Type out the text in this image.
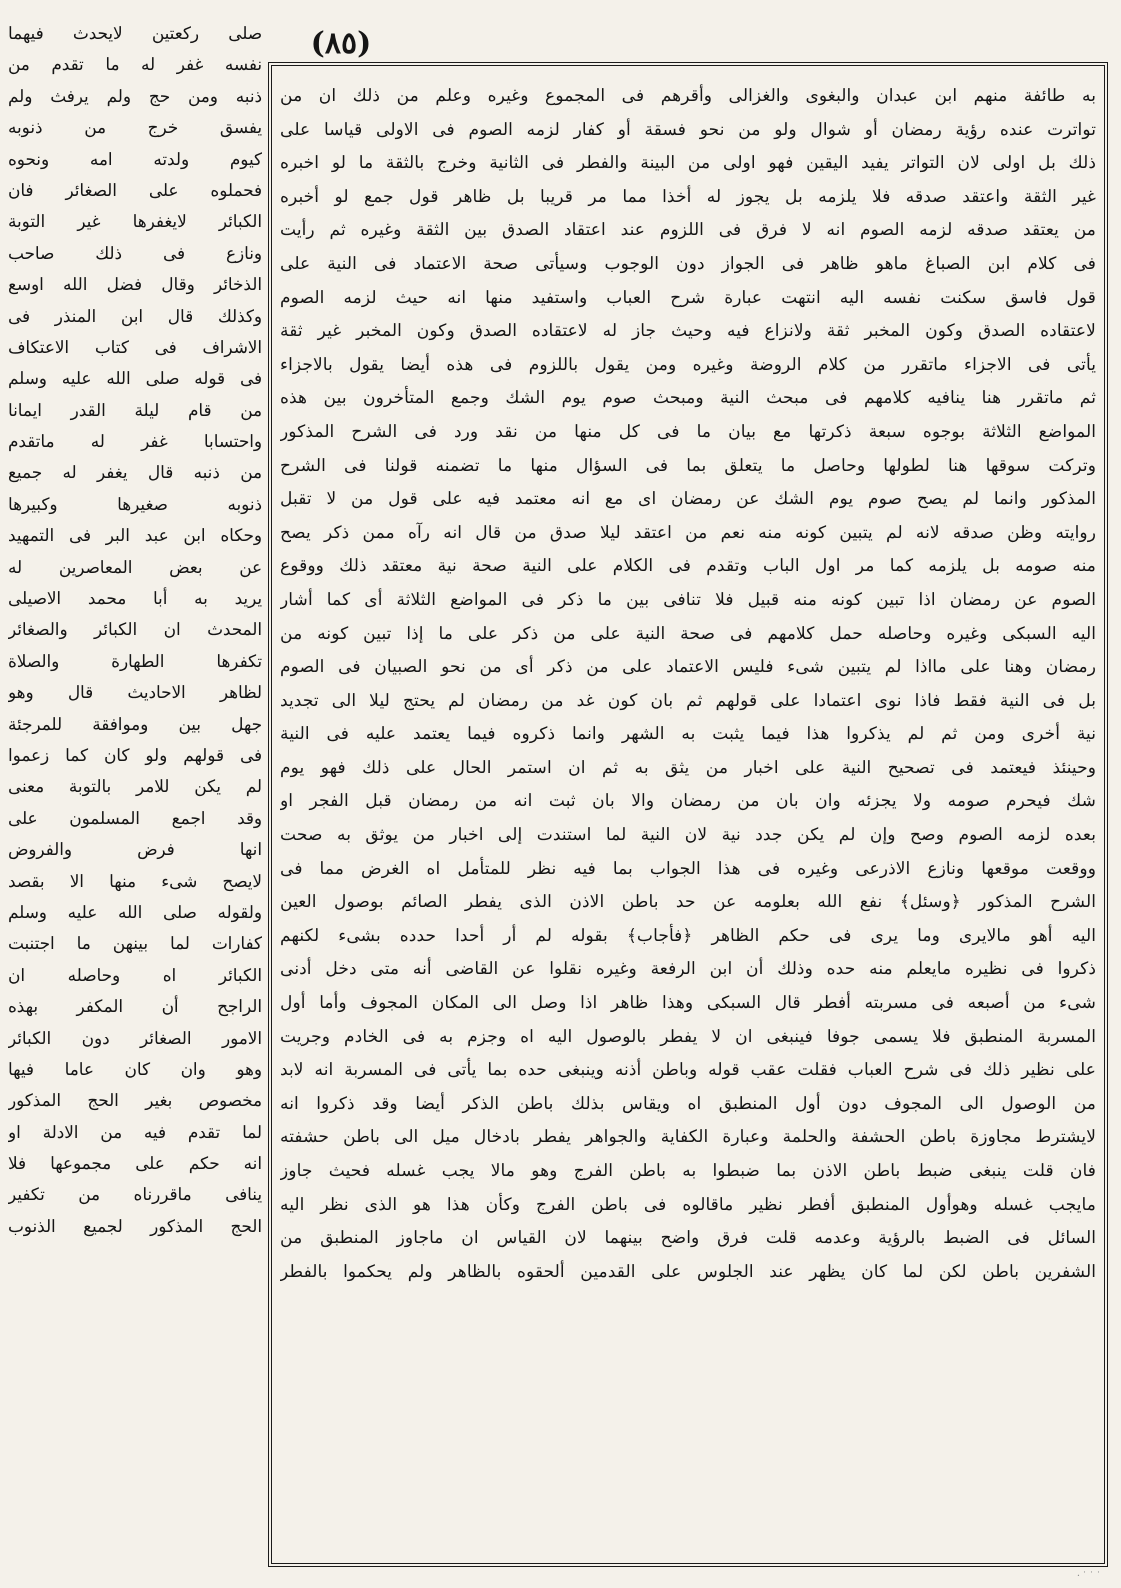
(٨٥)
صلى ركعتين لايحدث فيهما
نفسه غفر له ما تقدم من
ذنبه ومن حج ولم يرفث ولم
يفسق خرج من ذنوبه
كيوم ولدته امه ونحوه
فحملوه على الصغائر فان
الكبائر لايغفرها غير التوبة
ونازع فى ذلك صاحب
الذخائر وقال فضل الله اوسع
وكذلك قال ابن المنذر فى
الاشراف فى كتاب الاعتكاف
فى قوله صلى الله عليه وسلم
من قام ليلة القدر ايمانا
واحتسابا غفر له ماتقدم
من ذنبه قال يغفر له جميع
ذنوبه صغيرها وكبيرها
وحكاه ابن عبد البر فى التمهيد
عن بعض المعاصرين له
يريد به أبا محمد الاصيلى
المحدث ان الكبائر والصغائر
تكفرها الطهارة والصلاة
لظاهر الاحاديث قال وهو
جهل بين وموافقة للمرجئة
فى قولهم ولو كان كما زعموا
لم يكن للامر بالتوبة معنى
وقد اجمع المسلمون على
انها فرض والفروض
لايصح شىء منها الا بقصد
ولقوله صلى الله عليه وسلم
كفارات لما بينهن ما اجتنبت
الكبائر اه وحاصله ان
الراجح أن المكفر بهذه
الامور الصغائر دون الكبائر
وهو وان كان عاما فيها
مخصوص بغير الحج المذكور
لما تقدم فيه من الادلة او
انه حكم على مجموعها فلا
ينافى ماقررناه من تكفير
الحج المذكور لجميع الذنوب
به طائفة منهم ابن عبدان والبغوى والغزالى وأقرهم فى المجموع وغيره وعلم من ذلك ان من
تواترت عنده رؤية رمضان أو شوال ولو من نحو فسقة أو كفار لزمه الصوم فى الاولى قياسا على
ذلك بل اولى لان التواتر يفيد اليقين فهو اولى من البينة والفطر فى الثانية وخرج بالثقة ما لو اخبره
غير الثقة واعتقد صدقه فلا يلزمه بل يجوز له أخذا مما مر قريبا بل ظاهر قول جمع لو أخبره
من يعتقد صدقه لزمه الصوم انه لا فرق فى اللزوم عند اعتقاد الصدق بين الثقة وغيره ثم رأيت
فى كلام ابن الصباغ ماهو ظاهر فى الجواز دون الوجوب وسيأتى صحة الاعتماد فى النية على
قول فاسق سكنت نفسه اليه انتهت عبارة شرح العباب واستفيد منها انه حيث لزمه الصوم
لاعتقاده الصدق وكون المخبر ثقة ولانزاع فيه وحيث جاز له لاعتقاده الصدق وكون المخبر غير ثقة
يأتى فى الاجزاء ماتقرر من كلام الروضة وغيره ومن يقول باللزوم فى هذه أيضا يقول بالاجزاء
ثم ماتقرر هنا ينافيه كلامهم فى مبحث النية ومبحث صوم يوم الشك وجمع المتأخرون بين هذه
المواضع الثلاثة بوجوه سبعة ذكرتها مع بيان ما فى كل منها من نقد ورد فى الشرح المذكور
وتركت سوقها هنا لطولها وحاصل ما يتعلق بما فى السؤال منها ما تضمنه قولنا فى الشرح
المذكور وانما لم يصح صوم يوم الشك عن رمضان اى مع انه معتمد فيه على قول من لا تقبل
روايته وظن صدقه لانه لم يتبين كونه منه نعم من اعتقد ليلا صدق من قال انه رآه ممن ذكر يصح
منه صومه بل يلزمه كما مر اول الباب وتقدم فى الكلام على النية صحة نية معتقد ذلك ووقوع
الصوم عن رمضان اذا تبين كونه منه قبيل فلا تنافى بين ما ذكر فى المواضع الثلاثة أى كما أشار
اليه السبكى وغيره وحاصله حمل كلامهم فى صحة النية على من ذكر على ما إذا تبين كونه من
رمضان وهنا على مااذا لم يتبين شىء فليس الاعتماد على من ذكر أى من نحو الصبيان فى الصوم
بل فى النية فقط فاذا نوى اعتمادا على قولهم ثم بان كون غد من رمضان لم يحتج ليلا الى تجديد
نية أخرى ومن ثم لم يذكروا هذا فيما يثبت به الشهر وانما ذكروه فيما يعتمد عليه فى النية
وحينئذ فيعتمد فى تصحيح النية على اخبار من يثق به ثم ان استمر الحال على ذلك فهو يوم
شك فيحرم صومه ولا يجزئه وان بان من رمضان والا بان ثبت انه من رمضان قبل الفجر او
بعده لزمه الصوم وصح وإن لم يكن جدد نية لان النية لما استندت إلى اخبار من يوثق به صحت
ووقعت موقعها ونازع الاذرعى وغيره فى هذا الجواب بما فيه نظر للمتأمل اه الغرض مما فى
الشرح المذكور ﴿وسئل﴾ نفع الله بعلومه عن حد باطن الاذن الذى يفطر الصائم بوصول العين
اليه أهو مالايرى وما يرى فى حكم الظاهر ﴿فأجاب﴾ بقوله لم أر أحدا حدده بشىء لكنهم
ذكروا فى نظيره مايعلم منه حده وذلك أن ابن الرفعة وغيره نقلوا عن القاضى أنه متى دخل أدنى
شىء من أصبعه فى مسربته أفطر قال السبكى وهذا ظاهر اذا وصل الى المكان المجوف وأما أول
المسربة المنطبق فلا يسمى جوفا فينبغى ان لا يفطر بالوصول اليه اه وجزم به فى الخادم وجريت
على نظير ذلك فى شرح العباب فقلت عقب قوله وباطن أذنه وينبغى حده بما يأتى فى المسربة انه لابد
من الوصول الى المجوف دون أول المنطبق اه ويقاس بذلك باطن الذكر أيضا وقد ذكروا انه
لايشترط مجاوزة باطن الحشفة والحلمة وعبارة الكفاية والجواهر يفطر بادخال ميل الى باطن حشفته
فان قلت ينبغى ضبط باطن الاذن بما ضبطوا به باطن الفرج وهو مالا يجب غسله فحيث جاوز
مايجب غسله وهوأول المنطبق أفطر نظير ماقالوه فى باطن الفرج وكأن هذا هو الذى نظر اليه
السائل فى الضبط بالرؤية وعدمه قلت فرق واضح بينهما لان القياس ان ماجاوز المنطبق من
الشفرين باطن لكن لما كان يظهر عند الجلوس على القدمين ألحقوه بالظاهر ولم يحكموا بالفطر
·˙˙˙
